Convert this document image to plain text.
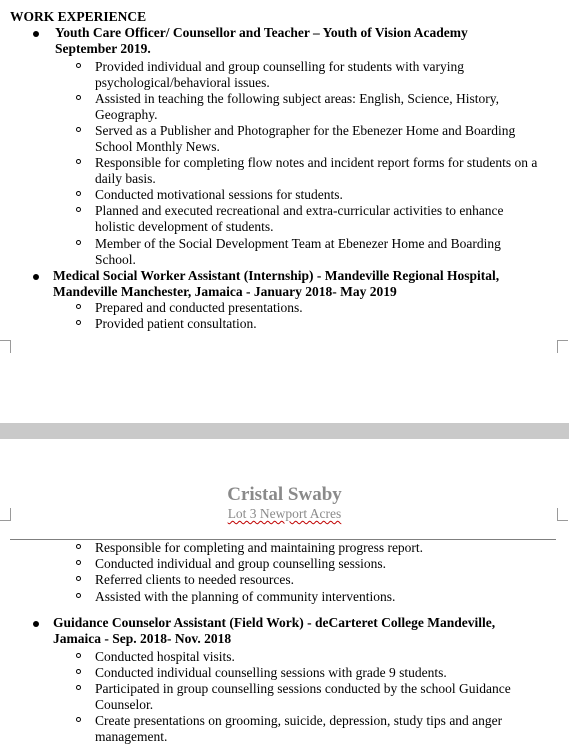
WORK EXPERIENCE
Youth Care Officer/ Counsellor and Teacher – Youth of Vision Academy
September 2019.
Provided individual and group counselling for students with varying
psychological/behavioral issues.
Assisted in teaching the following subject areas: English, Science, History,
Geography.
Served as a Publisher and Photographer for the Ebenezer Home and Boarding
School Monthly News.
Responsible for completing flow notes and incident report forms for students on a
daily basis.
Conducted motivational sessions for students.
Planned and executed recreational and extra-curricular activities to enhance
holistic development of students.
Member of the Social Development Team at Ebenezer Home and Boarding
School.
Medical Social Worker Assistant (Internship) - Mandeville Regional Hospital,
Mandeville Manchester, Jamaica - January 2018- May 2019
Prepared and conducted presentations.
Provided patient consultation.
Cristal Swaby
Lot 3 Newport Acres
Responsible for completing and maintaining progress report.
Conducted individual and group counselling sessions.
Referred clients to needed resources.
Assisted with the planning of community interventions.
Guidance Counselor Assistant (Field Work) - deCarteret College Mandeville,
Jamaica - Sep. 2018- Nov. 2018
Conducted hospital visits.
Conducted individual counselling sessions with grade 9 students.
Participated in group counselling sessions conducted by the school Guidance
Counselor.
Create presentations on grooming, suicide, depression, study tips and anger
management.
